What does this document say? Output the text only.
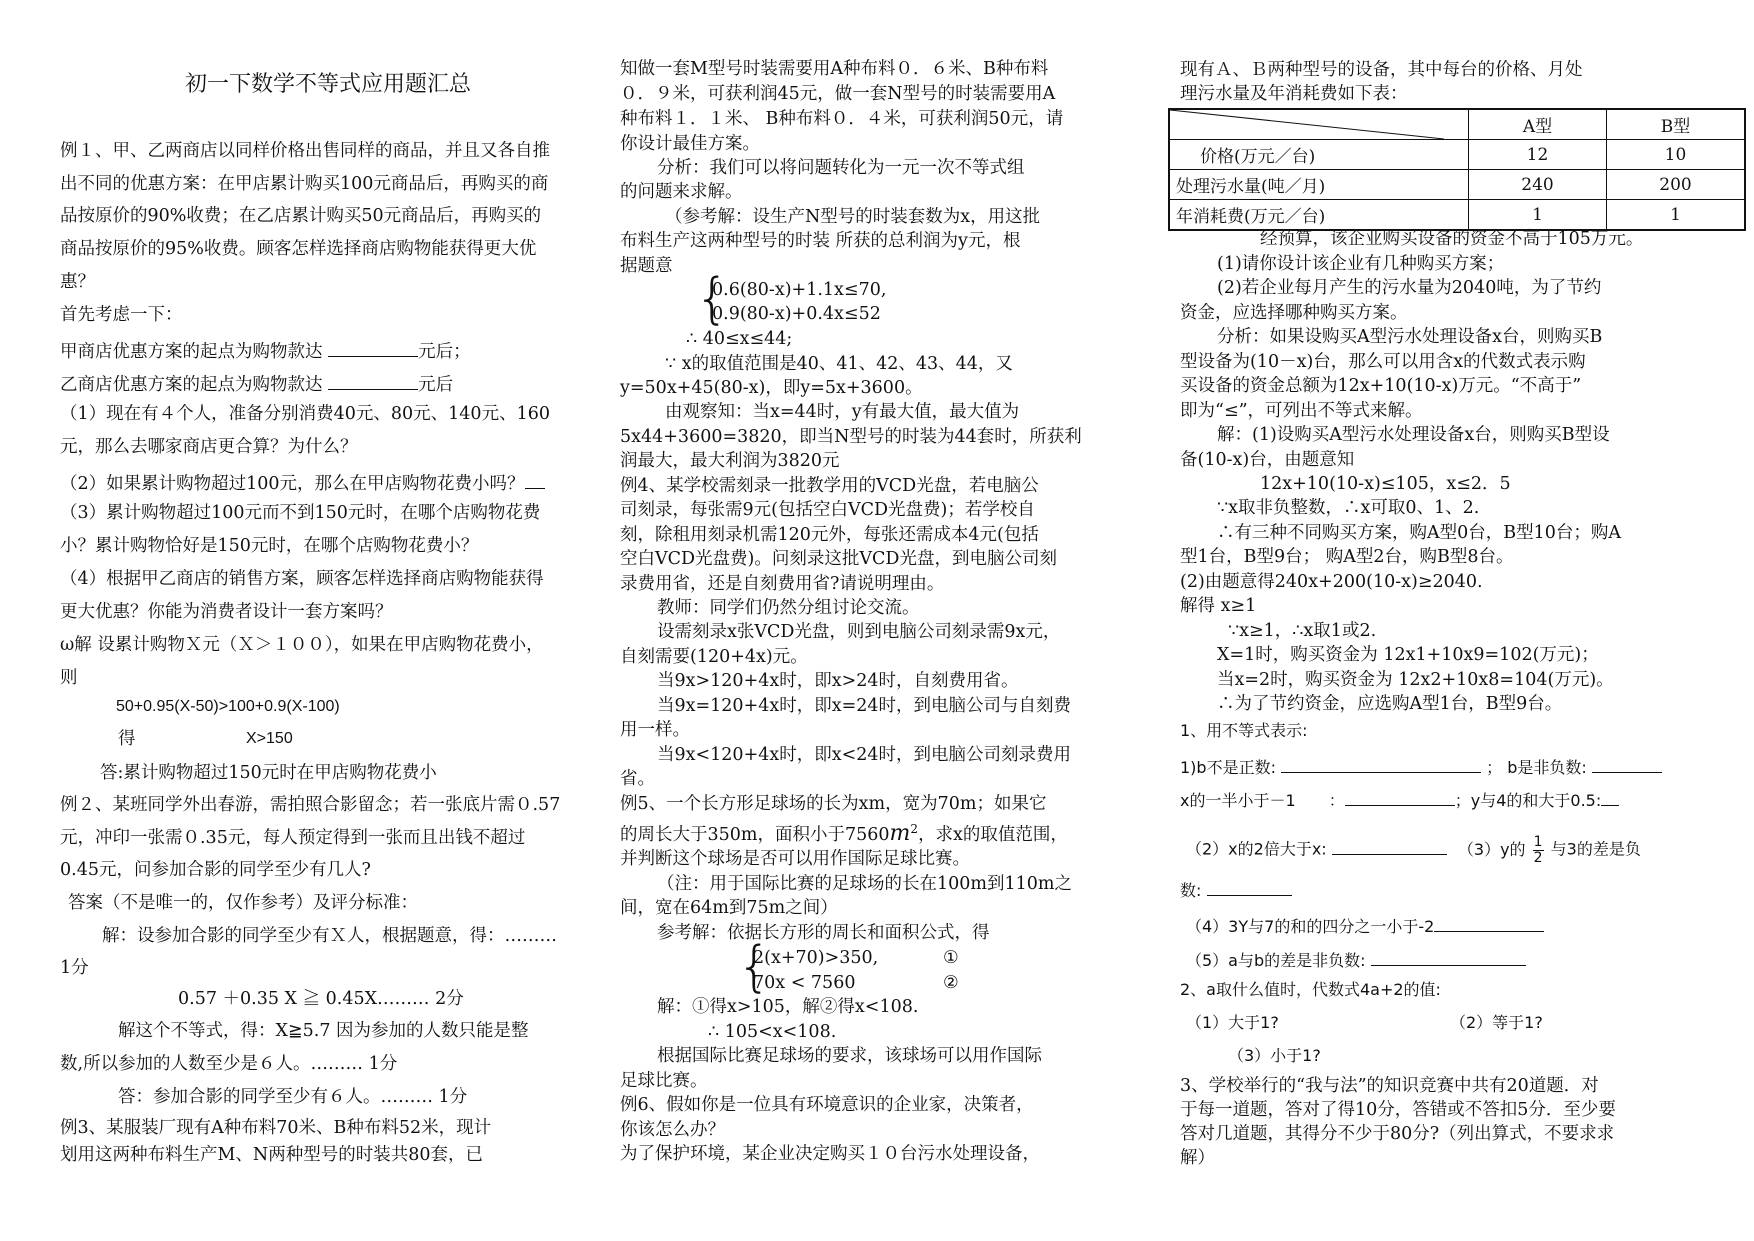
初一下数学不等式应用题汇总
例１、甲、乙两商店以同样价格出售同样的商品，并且又各自推
出不同的优惠方案：在甲店累计购买100元商品后，再购买的商
品按原价的90%收费；在乙店累计购买50元商品后，再购买的
商品按原价的95%收费。顾客怎样选择商店购物能获得更大优
惠？
首先考虑一下：
甲商店优惠方案的起点为购物款达	元后；
乙商店优惠方案的起点为购物款达	元后
（1）现在有４个人，准备分别消费40元、80元、140元、160
元，那么去哪家商店更合算？为什么？
（2）如果累计购物超过100元，那么在甲店购物花费小吗？
（3）累计购物超过100元而不到150元时，在哪个店购物花费
小？累计购物恰好是150元时，在哪个店购物花费小？
（4）根据甲乙商店的销售方案，顾客怎样选择商店购物能获得
更大优惠？你能为消费者设计一套方案吗？
ω解 设累计购物Ｘ元（Ｘ＞１００），如果在甲店购物花费小，
则
50+0.95(X-50)>100+0.9(X-100)
得	X>150
答:累计购物超过150元时在甲店购物花费小
例２、某班同学外出春游，需拍照合影留念；若一张底片需０.57
元，冲印一张需０.35元，每人预定得到一张而且出钱不超过
0.45元，问参加合影的同学至少有几人?
答案（不是唯一的，仅作参考）及评分标准：
解：设参加合影的同学至少有Ｘ人，根据题意，得：………
1分
0.57 ＋0.35 X ≧ 0.45X……… 2分
解这个不等式，得：X≧5.7 因为参加的人数只能是整
数,所以参加的人数至少是６人。……… 1分
答：参加合影的同学至少有６人。……… 1分
例3、某服装厂现有A种布料70米、B种布料52米，现计
划用这两种布料生产M、N两种型号的时装共80套，已
知做一套M型号时装需要用A种布料０．６米、B种布料
０．９米，可获利润45元，做一套N型号的时装需要用A
种布料１．１米、 B种布料０．４米，可获利润50元，请
你设计最佳方案。
分析：我们可以将问题转化为一元一次不等式组
的问题来求解。
（参考解：设生产N型号的时装套数为x，用这批
布料生产这两种型号的时装 所获的总利润为y元，根
据题意
{
0.6(80-x)+1.1x≤70,
0.9(80-x)+0.4x≤52
∴ 40≤x≤44;
∵ x的取值范围是40、41、42、43、44，又
y=50x+45(80-x)，即y=5x+3600。
由观察知：当x=44时，y有最大值，最大值为
5x44+3600=3820，即当N型号的时装为44套时，所获利
润最大，最大利润为3820元
例4、某学校需刻录一批教学用的VCD光盘，若电脑公
司刻录，每张需9元(包括空白VCD光盘费)；若学校自
刻，除租用刻录机需120元外，每张还需成本4元(包括
空白VCD光盘费)。问刻录这批VCD光盘，到电脑公司刻
录费用省，还是自刻费用省?请说明理由。
教师：同学们仍然分组讨论交流。
设需刻录x张VCD光盘，则到电脑公司刻录需9x元，
自刻需要(120+4x)元。
当9x>120+4x时，即x>24时，自刻费用省。
当9x=120+4x时，即x=24时，到电脑公司与自刻费
用一样。
当9x<120+4x时，即x<24时，到电脑公司刻录费用
省。
例5、一个长方形足球场的长为xm，宽为70m；如果它
的周长大于350m，面积小于$7560m^2$，求x的取值范围，
并判断这个球场是否可以用作国际足球比赛。
（注：用于国际比赛的足球场的长在100m到110m之
间，宽在64m到75m之间）
参考解：依据长方形的周长和面积公式，得
{
2(x+70)>350,	①
70x < 7560	②
解：①得x>105，解②得x<108.
∴ 105<x<108.
根据国际比赛足球场的要求，该球场可以用作国际
足球比赛。
例6、假如你是一位具有环境意识的企业家，决策者，
你该怎么办？
为了保护环境，某企业决定购买１０台污水处理设备，
现有Ａ、Ｂ两种型号的设备，其中每台的价格、月处
理污水量及年消耗费如下表：
经预算，该企业购买设备的资金不高于105万元。
(1)请你设计该企业有几种购买方案；
(2)若企业每月产生的污水量为2040吨，为了节约
资金，应选择哪种购买方案。
分析：如果设购买A型污水处理设备x台，则购买B
型设备为(10－x)台，那么可以用含x的代数式表示购
买设备的资金总额为12x+10(10-x)万元。“不高于”
即为“≤”，可列出不等式来解。
解：(1)设购买A型污水处理设备x台，则购买B型设
备(10-x)台，由题意知
12x+10(10-x)≤105，x≤2．5
∵x取非负整数，∴x可取0、1、2.
∴有三种不同购买方案，购A型0台，B型10台；购A
型1台，B型9台； 购A型2台，购B型8台。
(2)由题意得240x+200(10-x)≥2040.
解得 x≥1
∵x≥1，∴x取1或2.
X=1时，购买资金为 12x1+10x9=102(万元)；
当x=2时，购买资金为 12x2+10x8=104(万元)。
∴为了节约资金，应选购A型1台，B型9台。
1、用不等式表示:
1)b不是正数:	； b是非负数:
x的一半小于－1 ：	；y与4的和大于0.5:
（2）x的2倍大于x:	（3）y的 $\frac{1}{2}$ 与3的差是负
数:
（4）3Y与7的和的四分之一小于-2
（5）a与b的差是非负数:
2、a取什么值时，代数式4a+2的值:
（1）大于1?	（2）等于1?
（3）小于1?
3、学校举行的“我与法”的知识竞赛中共有20道题．对
于每一道题，答对了得10分，答错或不答扣5分．至少要
答对几道题，其得分不少于80分?（列出算式，不要求求
解）
	A型	B型
价格(万元／台)	12	10
处理污水量(吨／月)	240	200
年消耗费(万元／台)	1	1
